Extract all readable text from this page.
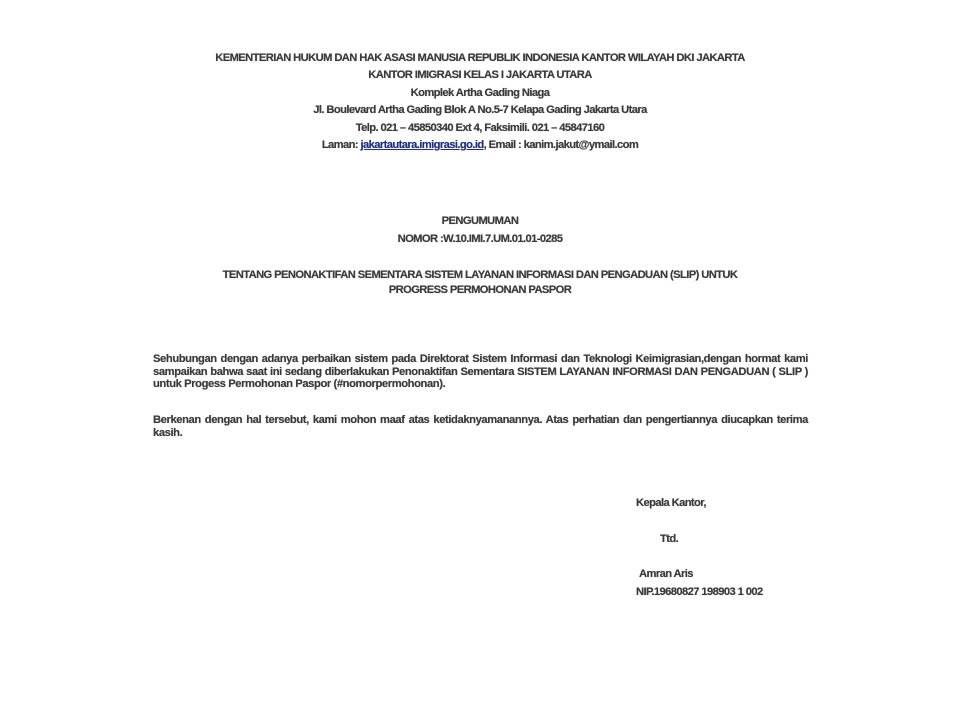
KEMENTERIAN HUKUM DAN HAK ASASI MANUSIA REPUBLIK INDONESIA KANTOR WILAYAH DKI JAKARTA
KANTOR IMIGRASI KELAS I JAKARTA UTARA
Komplek Artha Gading Niaga
Jl. Boulevard Artha Gading Blok A No.5-7 Kelapa Gading Jakarta Utara
Telp. 021 – 45850340 Ext 4, Faksimili. 021 – 45847160
Laman: jakartautara.imigrasi.go.id, Email : kanim.jakut@ymail.com
PENGUMUMAN
NOMOR :W.10.IMI.7.UM.01.01-0285
TENTANG PENONAKTIFAN SEMENTARA SISTEM LAYANAN INFORMASI DAN PENGADUAN (SLIP) UNTUK
PROGRESS PERMOHONAN PASPOR
Sehubungan dengan adanya perbaikan sistem pada Direktorat Sistem Informasi dan Teknologi Keimigrasian,dengan hormat kami sampaikan bahwa saat ini sedang diberlakukan Penonaktifan Sementara SISTEM LAYANAN INFORMASI DAN PENGADUAN ( SLIP ) untuk Progess Permohonan Paspor (#nomorpermohonan).
Berkenan dengan hal tersebut, kami mohon maaf atas ketidaknyamanannya. Atas perhatian dan pengertiannya diucapkan terima kasih.
Kepala Kantor,
Ttd.
Amran Aris
NIP.19680827 198903 1 002
